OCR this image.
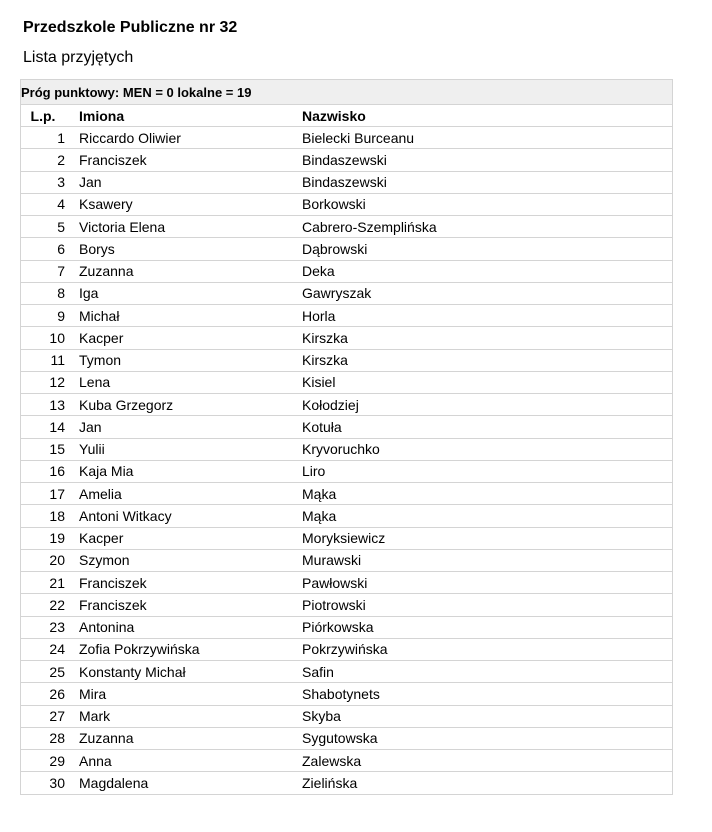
Przedszkole Publiczne nr 32
Lista przyjętych
Próg punktowy: MEN = 0 lokalne = 19		
L.p.	Imiona	Nazwisko
1	Riccardo Oliwier	Bielecki Burceanu
2	Franciszek	Bindaszewski
3	Jan	Bindaszewski
4	Ksawery	Borkowski
5	Victoria Elena	Cabrero-Szemplińska
6	Borys	Dąbrowski
7	Zuzanna	Deka
8	Iga	Gawryszak
9	Michał	Horla
10	Kacper	Kirszka
11	Tymon	Kirszka
12	Lena	Kisiel
13	Kuba Grzegorz	Kołodziej
14	Jan	Kotuła
15	Yulii	Kryvoruchko
16	Kaja Mia	Liro
17	Amelia	Mąka
18	Antoni Witkacy	Mąka
19	Kacper	Moryksiewicz
20	Szymon	Murawski
21	Franciszek	Pawłowski
22	Franciszek	Piotrowski
23	Antonina	Piórkowska
24	Zofia Pokrzywińska	Pokrzywińska
25	Konstanty Michał	Safin
26	Mira	Shabotynets
27	Mark	Skyba
28	Zuzanna	Sygutowska
29	Anna	Zalewska
30	Magdalena	Zielińska
